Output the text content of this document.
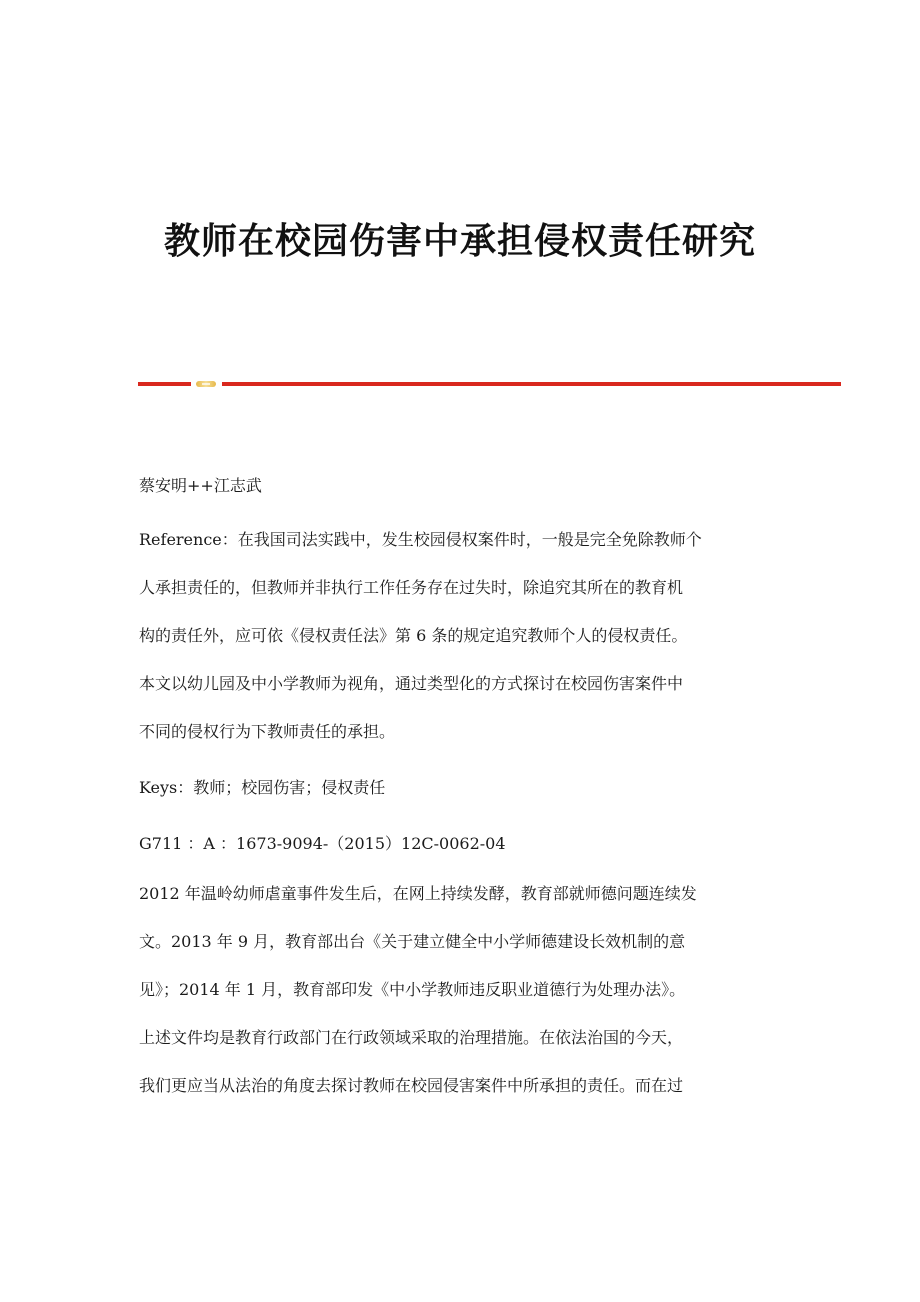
教师在校园伤害中承担侵权责任研究
蔡安明++江志武
Reference：在我国司法实践中，发生校园侵权案件时，一般是完全免除教师个
人承担责任的，但教师并非执行工作任务存在过失时，除追究其所在的教育机
构的责任外，应可依《侵权责任法》第 6 条的规定追究教师个人的侵权责任。
本文以幼儿园及中小学教师为视角，通过类型化的方式探讨在校园伤害案件中
不同的侵权行为下教师责任的承担。
Keys：教师；校园伤害；侵权责任
G711 ：A ：1673-9094-（2015）12C-0062-04
2012 年温岭幼师虐童事件发生后，在网上持续发酵，教育部就师德问题连续发
文。2013 年 9 月，教育部出台《关于建立健全中小学师德建设长效机制的意
见》；2014 年 1 月，教育部印发《中小学教师违反职业道德行为处理办法》。
上述文件均是教育行政部门在行政领域采取的治理措施。在依法治国的今天，
我们更应当从法治的角度去探讨教师在校园侵害案件中所承担的责任。而在过
